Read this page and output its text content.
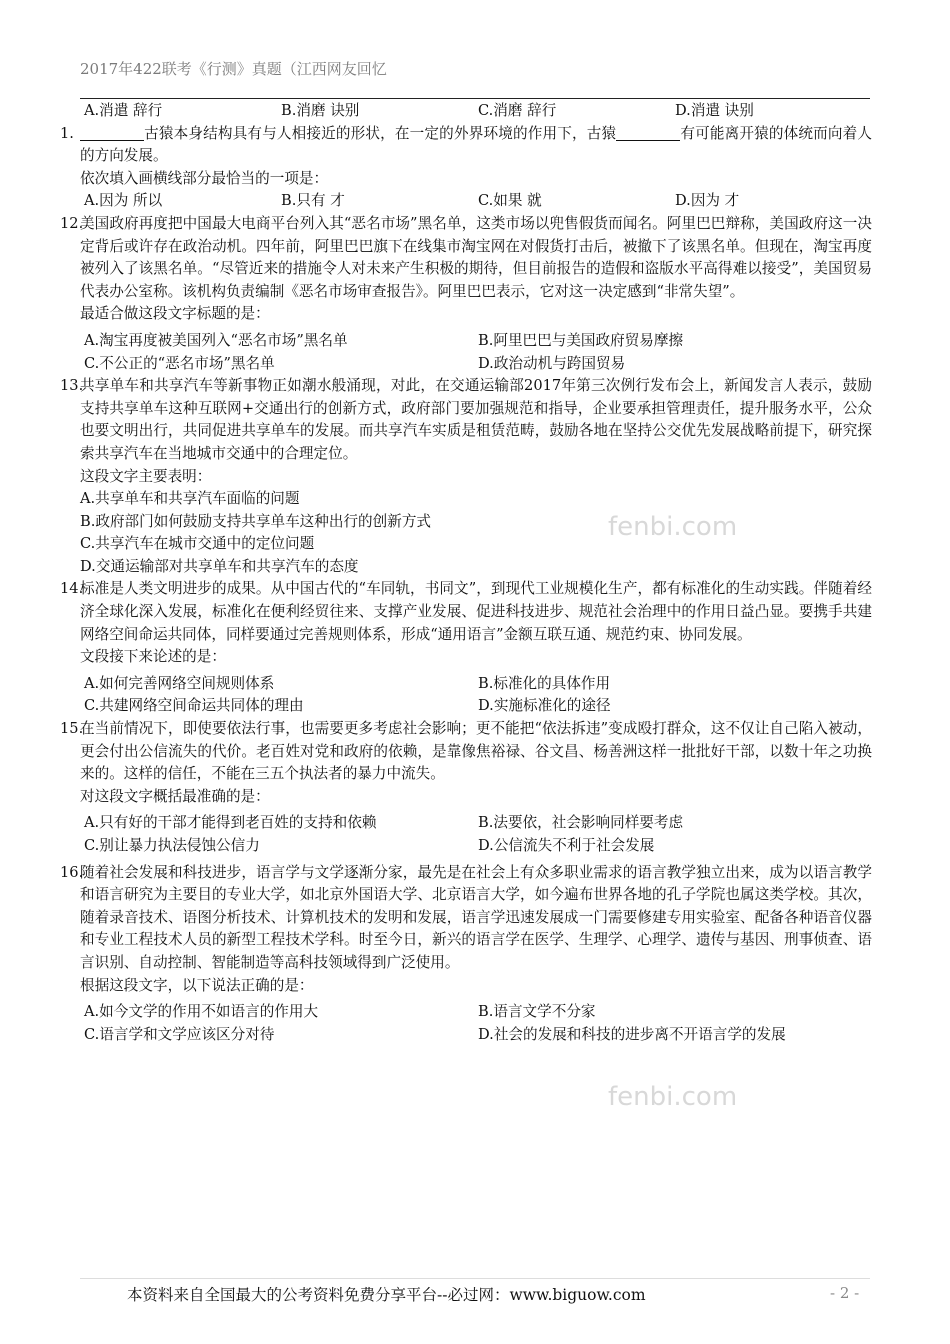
2017年422联考《行测》真题（江西网友回忆
fenbi.com
fenbi.com
A.消遣 辞行	B.消磨 诀别	C.消磨 辞行	D.消遣 诀别
1.	古猿本身结构具有与人相接近的形状，在一定的外界环境的作用下，古猿	有可能离开猿的体统而向着人的方向发展。
依次填入画横线部分最恰当的一项是：
A.因为 所以	B.只有 才	C.如果 就	D.因为 才
12.
美国政府再度把中国最大电商平台列入其“恶名市场”黑名单，这类市场以兜售假货而闻名。阿里巴巴辩称，美国政府这一决定背后或许存在政治动机。四年前，阿里巴巴旗下在线集市淘宝网在对假货打击后，被撤下了该黑名单。但现在，淘宝再度被列入了该黑名单。“尽管近来的措施令人对未来产生积极的期待，但目前报告的造假和盗版水平高得难以接受”，美国贸易代表办公室称。该机构负责编制《恶名市场审查报告》。阿里巴巴表示，它对这一决定感到“非常失望”。
最适合做这段文字标题的是：
A.淘宝再度被美国列入“恶名市场”黑名单	B.阿里巴巴与美国政府贸易摩擦
C.不公正的“恶名市场”黑名单	D.政治动机与跨国贸易
13.
共享单车和共享汽车等新事物正如潮水般涌现，对此，在交通运输部2017年第三次例行发布会上，新闻发言人表示，鼓励支持共享单车这种互联网+交通出行的创新方式，政府部门要加强规范和指导，企业要承担管理责任，提升服务水平，公众也要文明出行，共同促进共享单车的发展。而共享汽车实质是租赁范畴，鼓励各地在坚持公交优先发展战略前提下，研究探索共享汽车在当地城市交通中的合理定位。
这段文字主要表明：
A.共享单车和共享汽车面临的问题
B.政府部门如何鼓励支持共享单车这种出行的创新方式
C.共享汽车在城市交通中的定位问题
D.交通运输部对共享单车和共享汽车的态度
14.
标准是人类文明进步的成果。从中国古代的“车同轨，书同文”，到现代工业规模化生产，都有标准化的生动实践。伴随着经济全球化深入发展，标准化在便利经贸往来、支撑产业发展、促进科技进步、规范社会治理中的作用日益凸显。要携手共建网络空间命运共同体，同样要通过完善规则体系，形成“通用语言”金额互联互通、规范约束、协同发展。
文段接下来论述的是：
A.如何完善网络空间规则体系	B.标准化的具体作用
C.共建网络空间命运共同体的理由	D.实施标准化的途径
15.
在当前情况下，即使要依法行事，也需要更多考虑社会影响；更不能把“依法拆违”变成殴打群众，这不仅让自己陷入被动，更会付出公信流失的代价。老百姓对党和政府的依赖，是靠像焦裕禄、谷文昌、杨善洲这样一批批好干部，以数十年之功换来的。这样的信任，不能在三五个执法者的暴力中流失。
对这段文字概括最准确的是：
A.只有好的干部才能得到老百姓的支持和依赖	B.法要依，社会影响同样要考虑
C.别让暴力执法侵蚀公信力	D.公信流失不利于社会发展
16.
随着社会发展和科技进步，语言学与文学逐渐分家，最先是在社会上有众多职业需求的语言教学独立出来，成为以语言教学和语言研究为主要目的专业大学，如北京外国语大学、北京语言大学，如今遍布世界各地的孔子学院也属这类学校。其次，随着录音技术、语图分析技术、计算机技术的发明和发展，语言学迅速发展成一门需要修建专用实验室、配备各种语音仪器和专业工程技术人员的新型工程技术学科。时至今日，新兴的语言学在医学、生理学、心理学、遗传与基因、刑事侦查、语言识别、自动控制、智能制造等高科技领域得到广泛使用。
根据这段文字，以下说法正确的是：
A.如今文学的作用不如语言的作用大	B.语言文学不分家
C.语言学和文学应该区分对待	D.社会的发展和科技的进步离不开语言学的发展
本资料来自全国最大的公考资料免费分享平台--必过网：www.biguow.com	- 2 -
